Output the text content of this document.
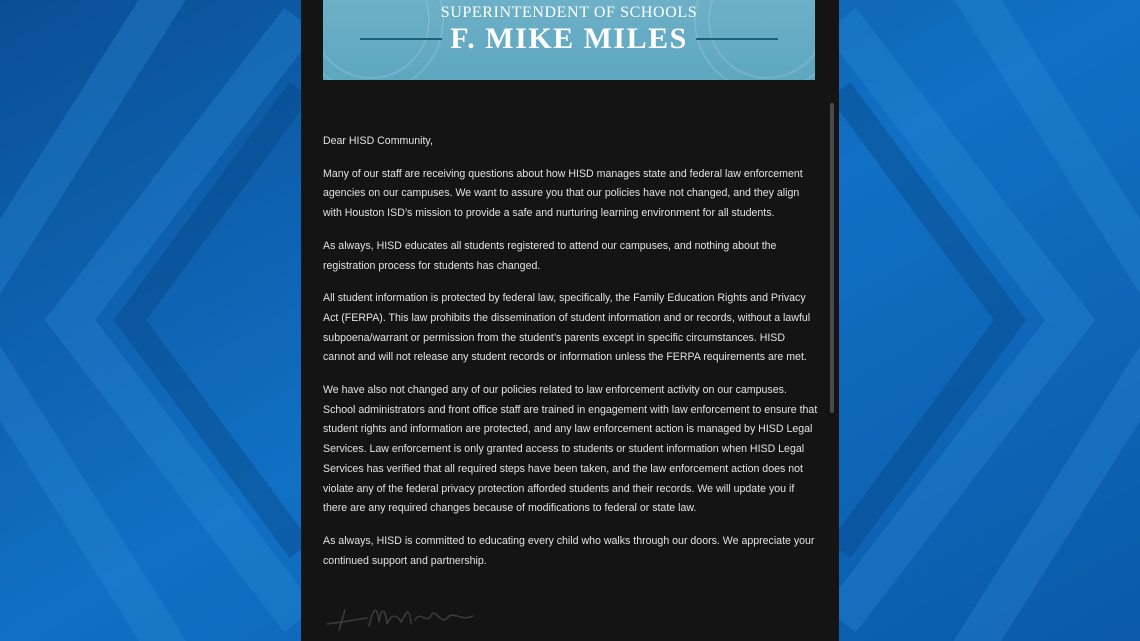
SUPERINTENDENT OF SCHOOLS
F. MIKE MILES

Dear HISD Community,

Many of our staff are receiving questions about how HISD manages state and federal law enforcement agencies on our campuses. We want to assure you that our policies have not changed, and they align with Houston ISD’s mission to provide a safe and nurturing learning environment for all students.

As always, HISD educates all students registered to attend our campuses, and nothing about the registration process for students has changed.

All student information is protected by federal law, specifically, the Family Education Rights and Privacy Act (FERPA). This law prohibits the dissemination of student information and or records, without a lawful subpoena/warrant or permission from the student’s parents except in specific circumstances. HISD cannot and will not release any student records or information unless the FERPA requirements are met.

We have also not changed any of our policies related to law enforcement activity on our campuses. School administrators and front office staff are trained in engagement with law enforcement to ensure that student rights and information are protected, and any law enforcement action is managed by HISD Legal Services. Law enforcement is only granted access to students or student information when HISD Legal Services has verified that all required steps have been taken, and the law enforcement action does not violate any of the federal privacy protection afforded students and their records. We will update you if there are any required changes because of modifications to federal or state law.

As always, HISD is committed to educating every child who walks through our doors. We appreciate your continued support and partnership.
